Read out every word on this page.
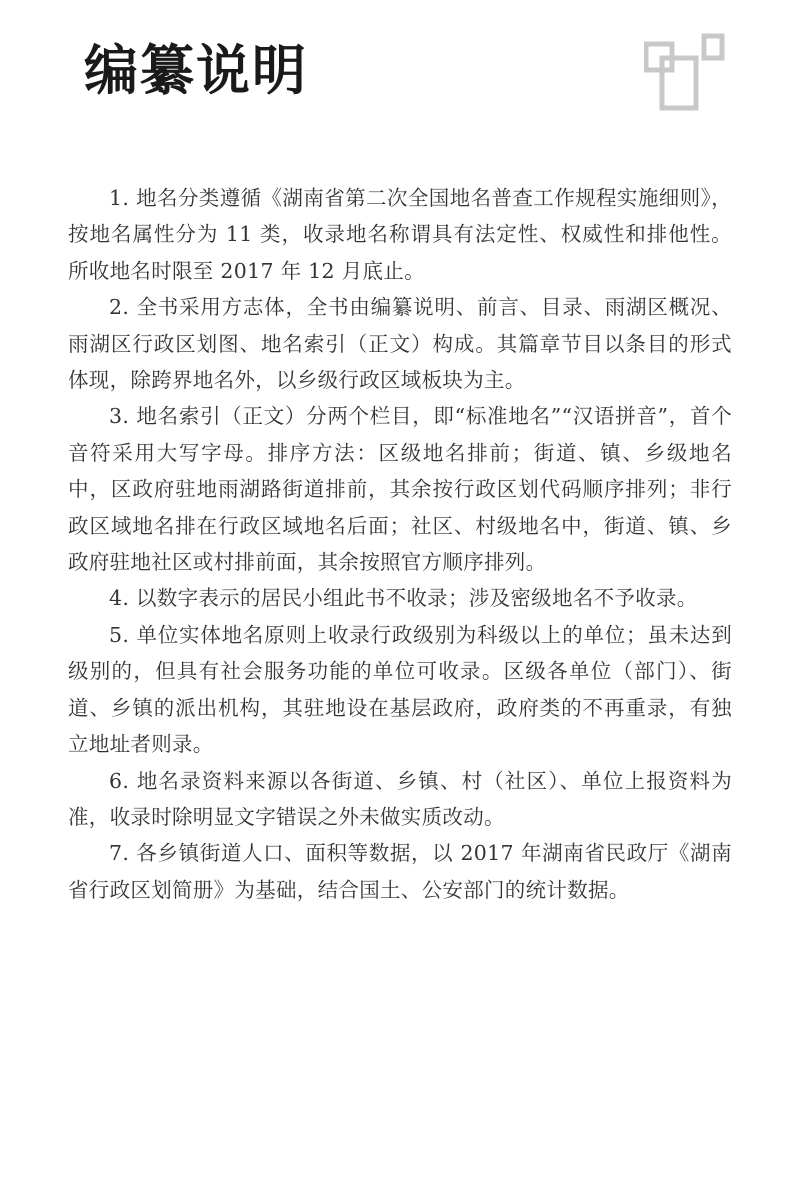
编纂说明

1. 地名分类遵循《湖南省第二次全国地名普查工作规程实施细则》，按地名属性分为 11 类，收录地名称谓具有法定性、权威性和排他性。所收地名时限至 2017 年 12 月底止。

2. 全书采用方志体，全书由编纂说明、前言、目录、雨湖区概况、雨湖区行政区划图、地名索引（正文）构成。其篇章节目以条目的形式体现，除跨界地名外，以乡级行政区域板块为主。

3. 地名索引（正文）分两个栏目，即“标准地名”“汉语拼音”，首个音符采用大写字母。排序方法：区级地名排前；街道、镇、乡级地名中，区政府驻地雨湖路街道排前，其余按行政区划代码顺序排列；非行政区域地名排在行政区域地名后面；社区、村级地名中，街道、镇、乡政府驻地社区或村排前面，其余按照官方顺序排列。

4. 以数字表示的居民小组此书不收录；涉及密级地名不予收录。

5. 单位实体地名原则上收录行政级别为科级以上的单位；虽未达到级别的，但具有社会服务功能的单位可收录。区级各单位（部门）、街道、乡镇的派出机构，其驻地设在基层政府，政府类的不再重录，有独立地址者则录。

6. 地名录资料来源以各街道、乡镇、村（社区）、单位上报资料为准，收录时除明显文字错误之外未做实质改动。

7. 各乡镇街道人口、面积等数据，以 2017 年湖南省民政厅《湖南省行政区划简册》为基础，结合国土、公安部门的统计数据。
